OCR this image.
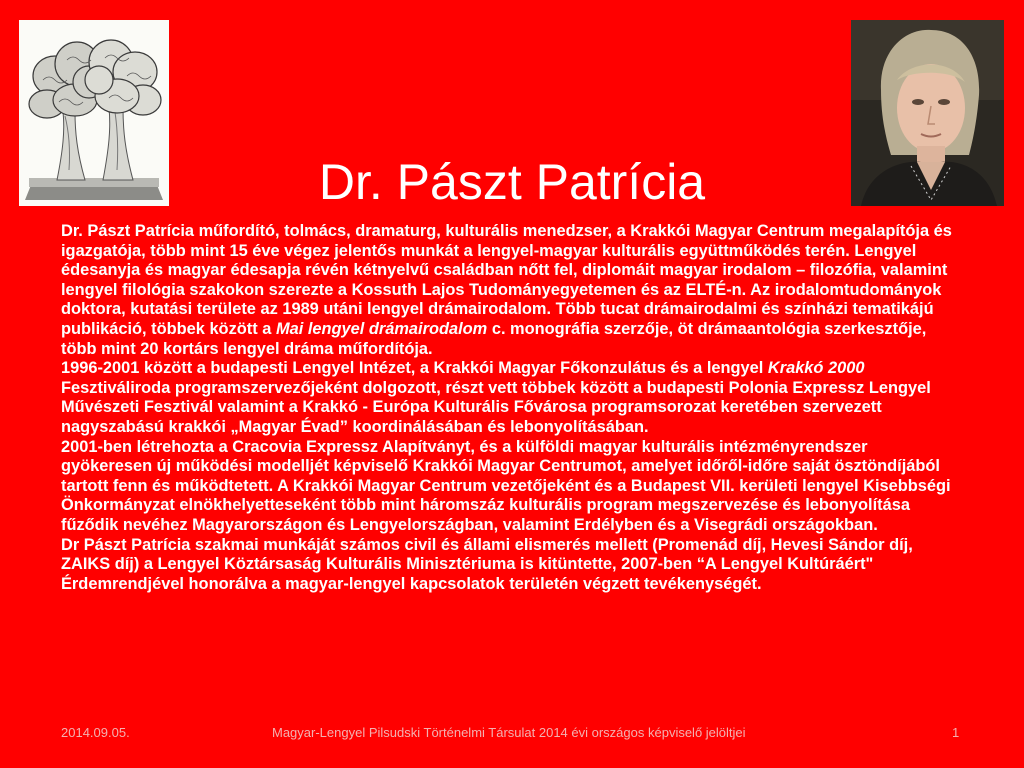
Dr. Pászt Patrícia

Dr. Pászt Patrícia műfordító, tolmács, dramaturg, kulturális menedzser, a Krakkói Magyar Centrum megalapítója és igazgatója, több mint 15 éve végez jelentős munkát a lengyel-magyar kulturális együttműködés terén. Lengyel édesanyja és magyar édesapja révén kétnyelvű családban nőtt fel, diplomáit magyar irodalom – filozófia, valamint lengyel filológia szakokon szerezte a Kossuth Lajos Tudományegyetemen és az ELTÉ-n. Az irodalomtudományok doktora, kutatási területe az 1989 utáni lengyel drámairodalom. Több tucat drámairodalmi és színházi tematikájú publikáció, többek között a Mai lengyel drámairodalom c. monográfia szerzője, öt drámaantológia szerkesztője, több mint 20 kortárs lengyel dráma műfordítója.

1996-2001 között a budapesti Lengyel Intézet, a Krakkói Magyar Főkonzulátus és a lengyel Krakkó 2000 Fesztiváliroda programszervezőjeként dolgozott, részt vett többek között a budapesti Polonia Expressz Lengyel Művészeti Fesztivál valamint a Krakkó - Európa Kulturális Fővárosa programsorozat keretében szervezett nagyszabású krakkói „Magyar Évad” koordinálásában és lebonyolításában.

2001-ben létrehozta a Cracovia Expressz Alapítványt, és a külföldi magyar kulturális intézményrendszer gyökeresen új működési modelljét képviselő Krakkói Magyar Centrumot, amelyet időről-időre saját ösztöndíjából tartott fenn és működtetett. A Krakkói Magyar Centrum vezetőjeként és a Budapest VII. kerületi lengyel Kisebbségi Önkormányzat elnökhelyetteseként több mint háromszáz kulturális program megszervezése és lebonyolítása fűződik nevéhez Magyarországon és Lengyelországban, valamint Erdélyben és a Visegrádi országokban.

Dr Pászt Patrícia szakmai munkáját számos civil és állami elismerés mellett (Promenád díj, Hevesi Sándor díj, ZAIKS díj) a Lengyel Köztársaság Kulturális Minisztériuma is kitüntette, 2007-ben “A Lengyel Kultúráért" Érdemrendjével honorálva a magyar-lengyel kapcsolatok területén végzett tevékenységét.

2014.09.05.	Magyar-Lengyel Pilsudski Történelmi Társulat 2014 évi országos képviselő jelöltjei	1
